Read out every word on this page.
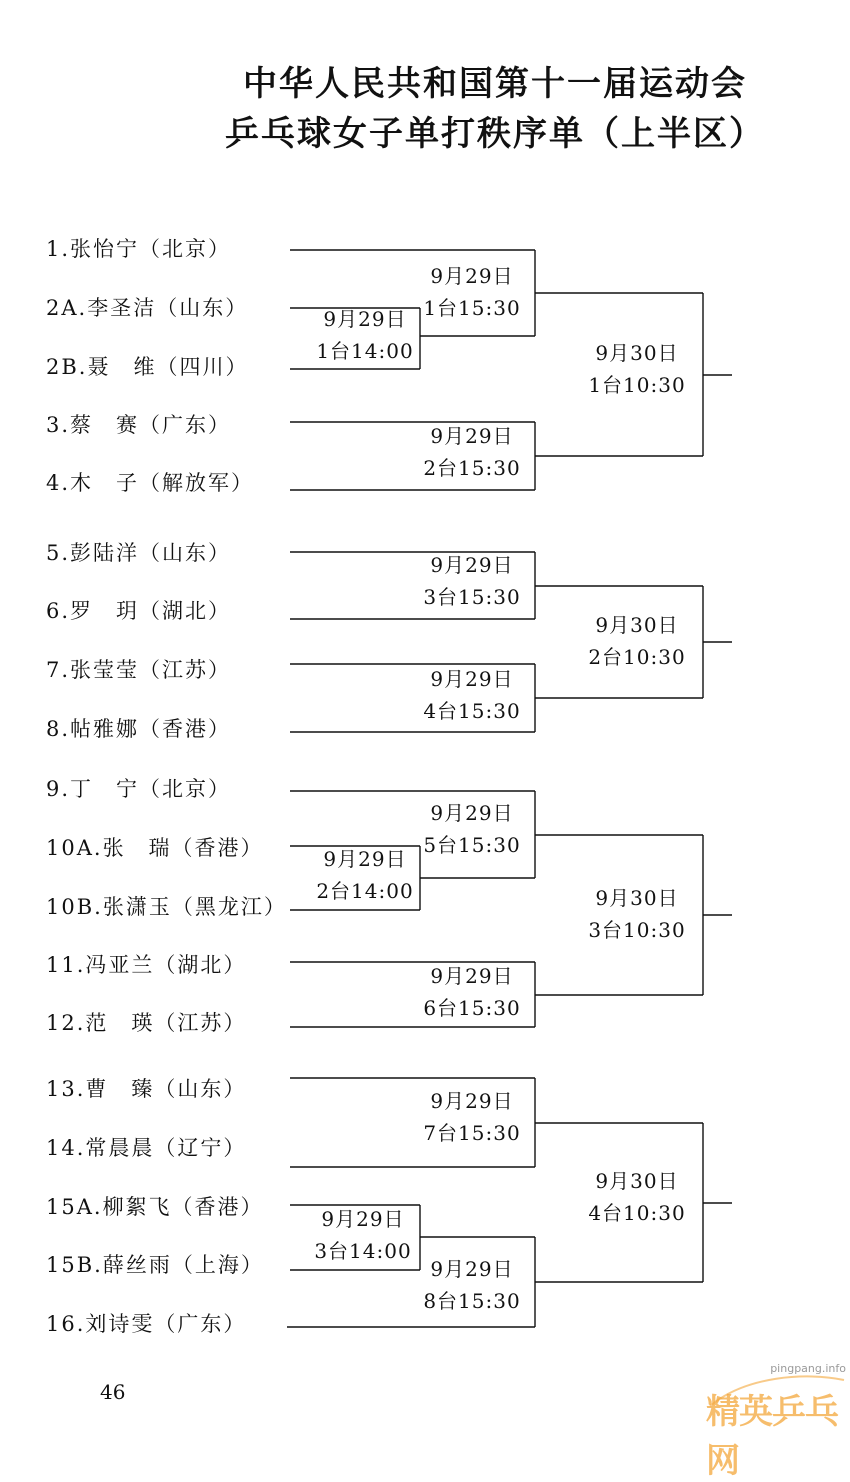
中华人民共和国第十一届运动会
乒乓球女子单打秩序单（上半区）
1.张怡宁（北京）
2A.李圣洁（山东）
2B.聂　维（四川）
3.蔡　赛（广东）
4.木　子（解放军）
5.彭陆洋（山东）
6.罗　玥（湖北）
7.张莹莹（江苏）
8.帖雅娜（香港）
9.丁　宁（北京）
10A.张　瑞（香港）
10B.张潇玉（黑龙江）
11.冯亚兰（湖北）
12.范　瑛（江苏）
13.曹　臻（山东）
14.常晨晨（辽宁）
15A.柳絮飞（香港）
15B.薛丝雨（上海）
16.刘诗雯（广东）
9月29日
1台14:00
9月29日
2台14:00
9月29日
3台14:00
9月29日
1台15:30
9月29日
2台15:30
9月29日
3台15:30
9月29日
4台15:30
9月29日
5台15:30
9月29日
6台15:30
9月29日
7台15:30
9月29日
8台15:30
9月30日
1台10:30
9月30日
2台10:30
9月30日
3台10:30
9月30日
4台10:30
46
pingpang.info
精英乒乓网
